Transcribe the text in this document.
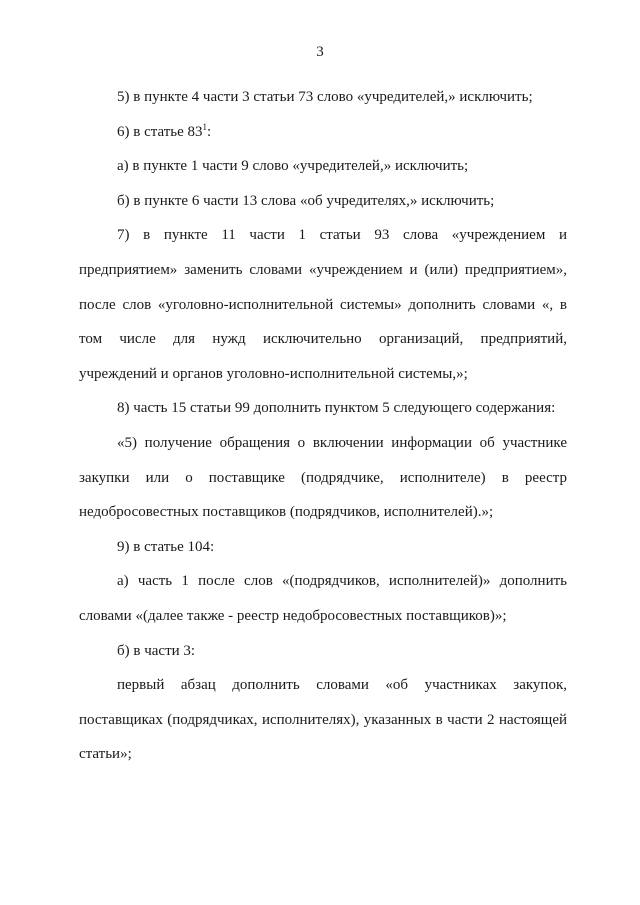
3

5) в пункте 4 части 3 статьи 73 слово «учредителей,» исключить;

6) в статье $83^1$:

а) в пункте 1 части 9 слово «учредителей,» исключить;

б) в пункте 6 части 13 слова «об учредителях,» исключить;

7) в пункте 11 части 1 статьи 93 слова «учреждением и предприятием» заменить словами «учреждением и (или) предприятием», после слов «уголовно-исполнительной системы» дополнить словами «, в том числе для нужд исключительно организаций, предприятий, учреждений и органов уголовно-исполнительной системы,»;

8) часть 15 статьи 99 дополнить пунктом 5 следующего содержания:

«5) получение обращения о включении информации об участнике закупки или о поставщике (подрядчике, исполнителе) в реестр недобросовестных поставщиков (подрядчиков, исполнителей).»;

9) в статье 104:

а) часть 1 после слов «(подрядчиков, исполнителей)» дополнить словами «(далее также - реестр недобросовестных поставщиков)»;

б) в части 3:

первый абзац дополнить словами «об участниках закупок, поставщиках (подрядчиках, исполнителях), указанных в части 2 настоящей статьи»;
